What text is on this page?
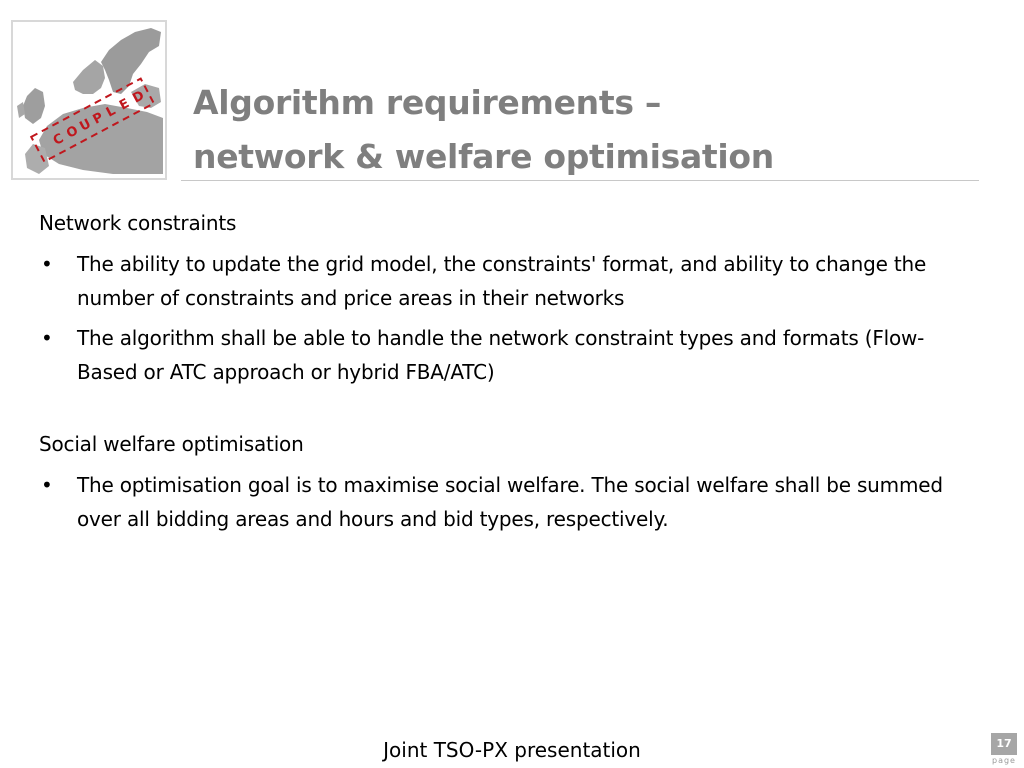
C
O
U
P
L
E
D Algorithm requirements –
network & welfare optimisation

Network constraints

• The ability to update the grid model, the constraints' format, and ability to change the number of constraints and price areas in their networks
• The algorithm shall be able to handle the network constraint types and formats (Flow-Based or ATC approach or hybrid FBA/ATC)

Social welfare optimisation

• The optimisation goal is to maximise social welfare. The social welfare shall be summed over all bidding areas and hours and bid types, respectively.
Joint TSO-PX presentation	17
page
